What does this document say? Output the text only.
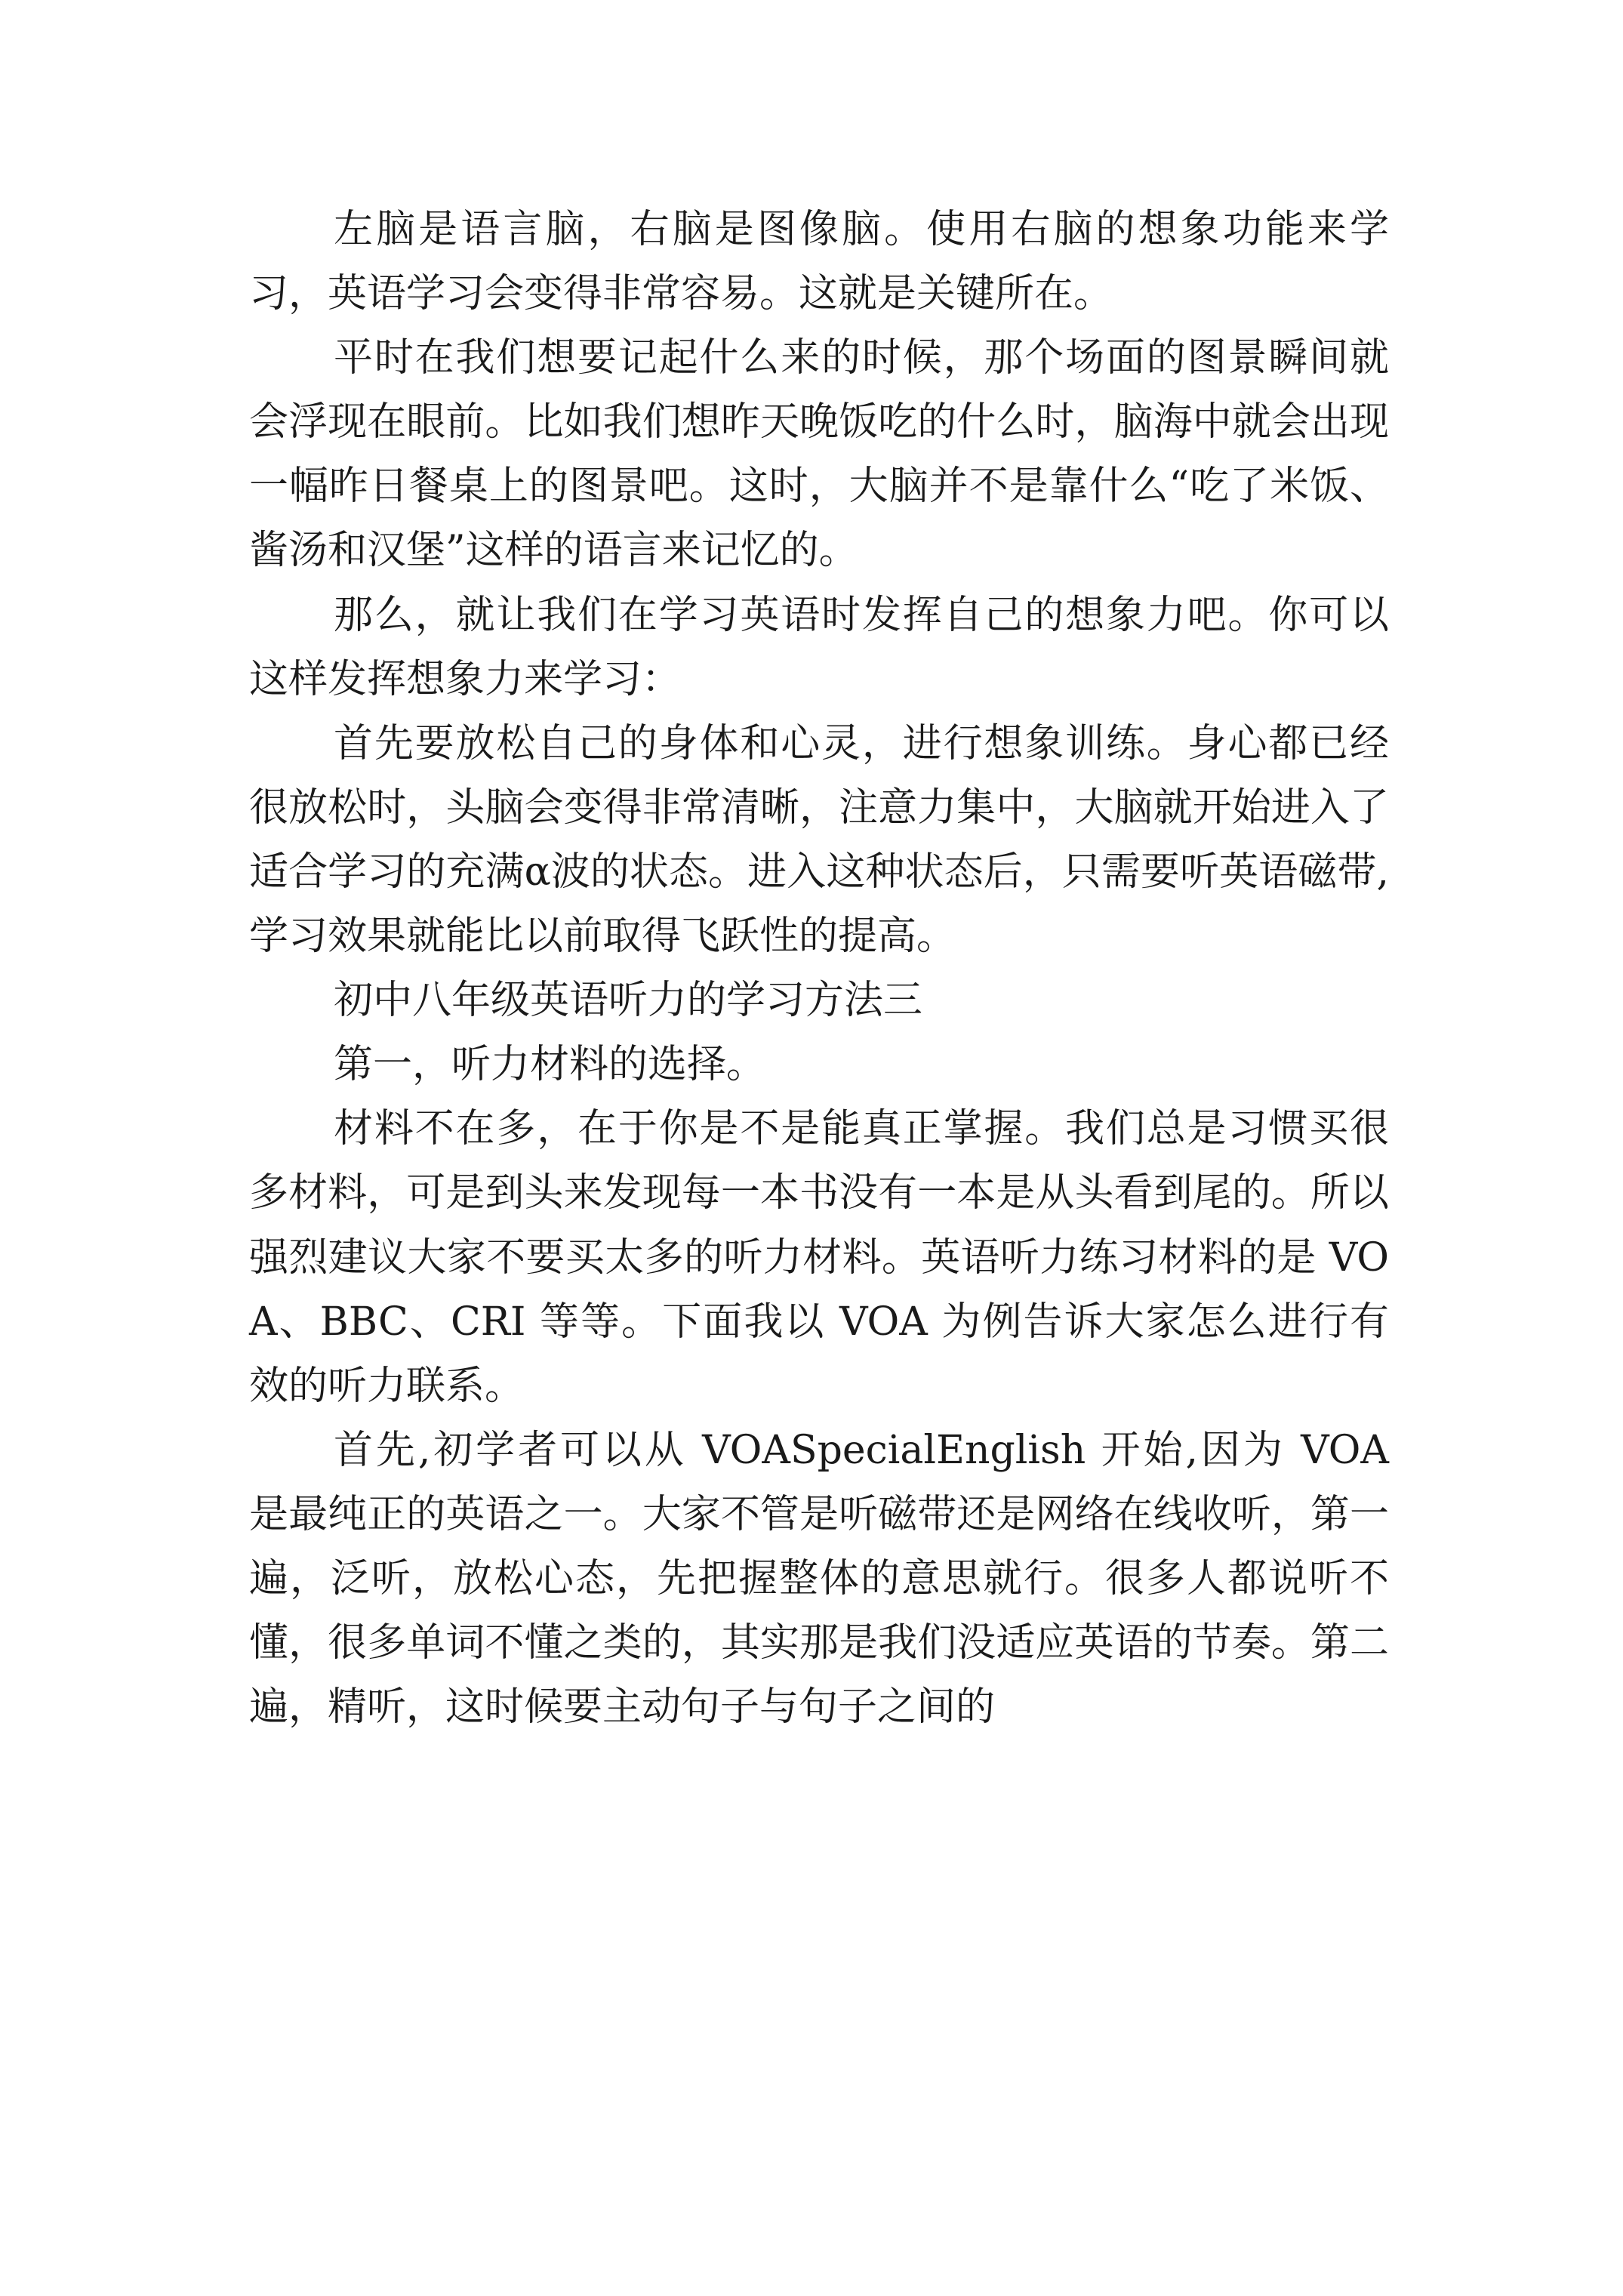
左脑是语言脑，右脑是图像脑。使用右脑的想象功能来学习，英语学习会变得非常容易。这就是关键所在。

平时在我们想要记起什么来的时候，那个场面的图景瞬间就会浮现在眼前。比如我们想昨天晚饭吃的什么时，脑海中就会出现一幅昨日餐桌上的图景吧。这时，大脑并不是靠什么“吃了米饭、酱汤和汉堡”这样的语言来记忆的。

那么，就让我们在学习英语时发挥自己的想象力吧。你可以这样发挥想象力来学习：

首先要放松自己的身体和心灵，进行想象训练。身心都已经很放松时，头脑会变得非常清晰，注意力集中，大脑就开始进入了适合学习的充满α波的状态。进入这种状态后，只需要听英语磁带,学习效果就能比以前取得飞跃性的提高。

初中八年级英语听力的学习方法三

第一，听力材料的选择。

材料不在多，在于你是不是能真正掌握。我们总是习惯买很多材料，可是到头来发现每一本书没有一本是从头看到尾的。所以强烈建议大家不要买太多的听力材料。英语听力练习材料的是 VOA、BBC、CRI 等等。下面我以 VOA 为例告诉大家怎么进行有效的听力联系。

首先,初学者可以从 VOASpecialEnglish 开始,因为 VOA 是最纯正的英语之一。大家不管是听磁带还是网络在线收听，第一遍，泛听，放松心态，先把握整体的意思就行。很多人都说听不懂，很多单词不懂之类的，其实那是我们没适应英语的节奏。第二遍，精听，这时候要主动句子与句子之间的
